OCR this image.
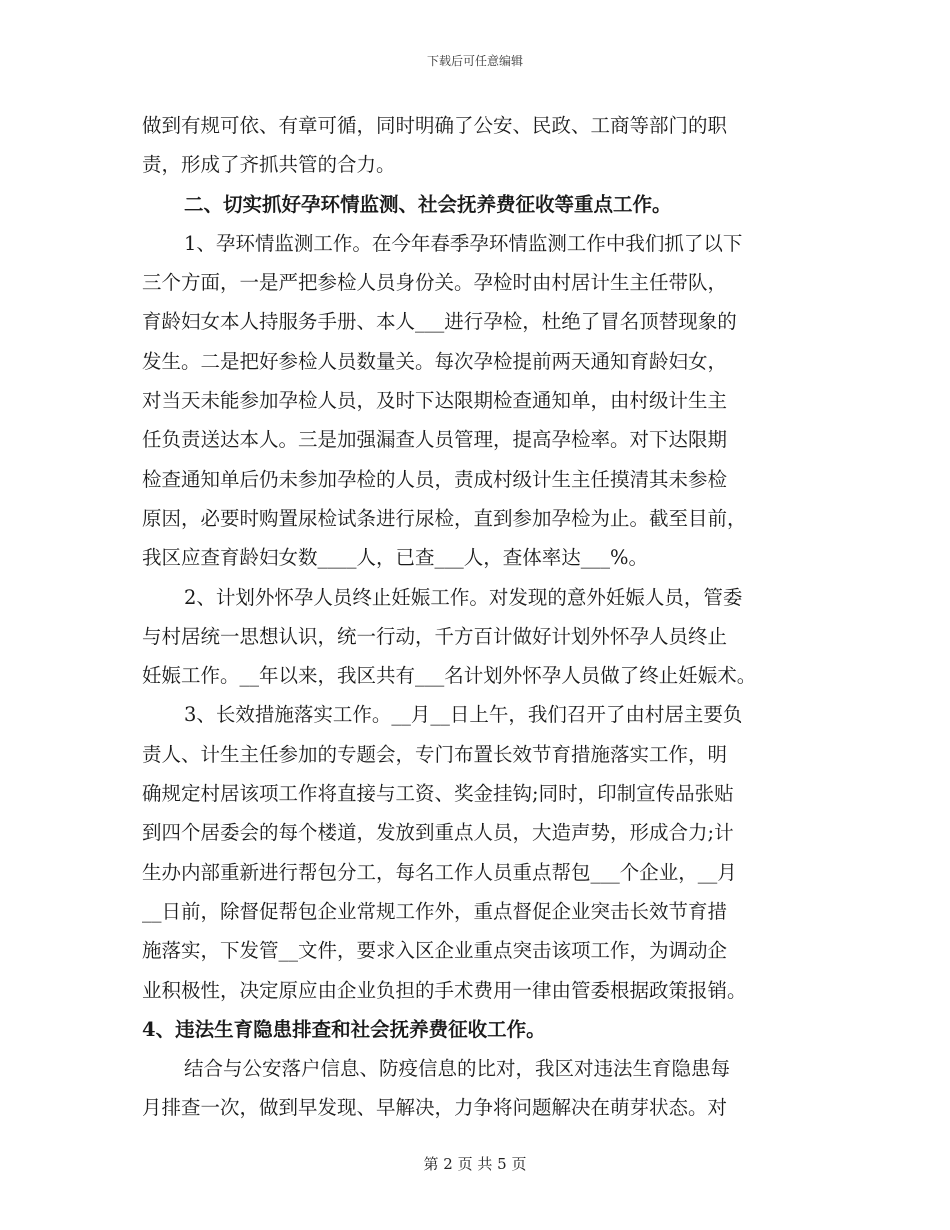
下载后可任意编辑
做到有规可依、有章可循，同时明确了公安、民政、工商等部门的职
责，形成了齐抓共管的合力。
二、切实抓好孕环情监测、社会抚养费征收等重点工作。
1、孕环情监测工作。在今年春季孕环情监测工作中我们抓了以下
三个方面，一是严把参检人员身份关。孕检时由村居计生主任带队，
育龄妇女本人持服务手册、本人___进行孕检，杜绝了冒名顶替现象的
发生。二是把好参检人员数量关。每次孕检提前两天通知育龄妇女，
对当天未能参加孕检人员，及时下达限期检查通知单，由村级计生主
任负责送达本人。三是加强漏查人员管理，提高孕检率。对下达限期
检查通知单后仍未参加孕检的人员，责成村级计生主任摸清其未参检
原因，必要时购置尿检试条进行尿检，直到参加孕检为止。截至目前，
我区应查育龄妇女数____人，已查___人，查体率达___%。
2、计划外怀孕人员终止妊娠工作。对发现的意外妊娠人员，管委
与村居统一思想认识，统一行动，千方百计做好计划外怀孕人员终止
妊娠工作。__年以来，我区共有___名计划外怀孕人员做了终止妊娠术。
3、长效措施落实工作。__月__日上午，我们召开了由村居主要负
责人、计生主任参加的专题会，专门布置长效节育措施落实工作，明
确规定村居该项工作将直接与工资、奖金挂钩;同时，印制宣传品张贴
到四个居委会的每个楼道，发放到重点人员，大造声势，形成合力;计
生办内部重新进行帮包分工，每名工作人员重点帮包___个企业，__月
__日前，除督促帮包企业常规工作外，重点督促企业突击长效节育措
施落实，下发管__文件，要求入区企业重点突击该项工作，为调动企
业积极性，决定原应由企业负担的手术费用一律由管委根据政策报销。
4、违法生育隐患排查和社会抚养费征收工作。
结合与公安落户信息、防疫信息的比对，我区对违法生育隐患每
月排查一次，做到早发现、早解决，力争将问题解决在萌芽状态。对
第 2 页 共 5 页
